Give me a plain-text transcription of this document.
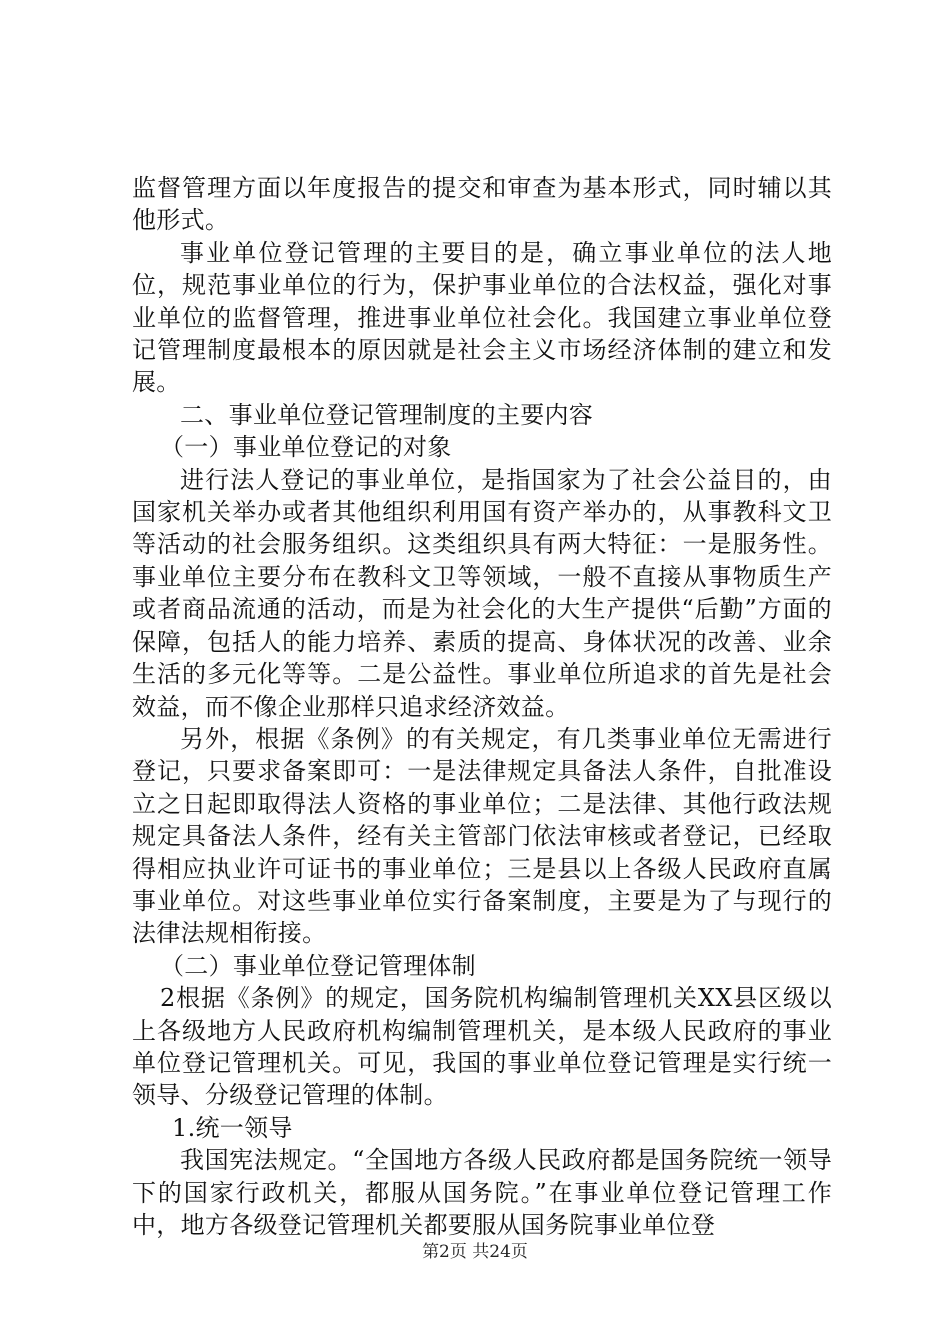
监督管理方面以年度报告的提交和审查为基本形式，同时辅以其他形式。

事业单位登记管理的主要目的是，确立事业单位的法人地位，规范事业单位的行为，保护事业单位的合法权益，强化对事业单位的监督管理，推进事业单位社会化。我国建立事业单位登记管理制度最根本的原因就是社会主义市场经济体制的建立和发展。

二、事业单位登记管理制度的主要内容

（一）事业单位登记的对象

进行法人登记的事业单位，是指国家为了社会公益目的，由国家机关举办或者其他组织利用国有资产举办的，从事教科文卫等活动的社会服务组织。这类组织具有两大特征：一是服务性。事业单位主要分布在教科文卫等领域，一般不直接从事物质生产或者商品流通的活动，而是为社会化的大生产提供“后勤”方面的保障，包括人的能力培养、素质的提高、身体状况的改善、业余生活的多元化等等。二是公益性。事业单位所追求的首先是社会效益，而不像企业那样只追求经济效益。

另外，根据《条例》的有关规定，有几类事业单位无需进行登记，只要求备案即可：一是法律规定具备法人条件，自批准设立之日起即取得法人资格的事业单位；二是法律、其他行政法规规定具备法人条件，经有关主管部门依法审核或者登记，已经取得相应执业许可证书的事业单位；三是县以上各级人民政府直属事业单位。对这些事业单位实行备案制度，主要是为了与现行的法律法规相衔接。

（二）事业单位登记管理体制

2根据《条例》的规定，国务院机构编制管理机关XX县区级以上各级地方人民政府机构编制管理机关，是本级人民政府的事业单位登记管理机关。可见，我国的事业单位登记管理是实行统一领导、分级登记管理的体制。

1.统一领导

我国宪法规定。“全国地方各级人民政府都是国务院统一领导下的国家行政机关，都服从国务院。”在事业单位登记管理工作中，地方各级登记管理机关都要服从国务院事业单位登

第2页 共24页
